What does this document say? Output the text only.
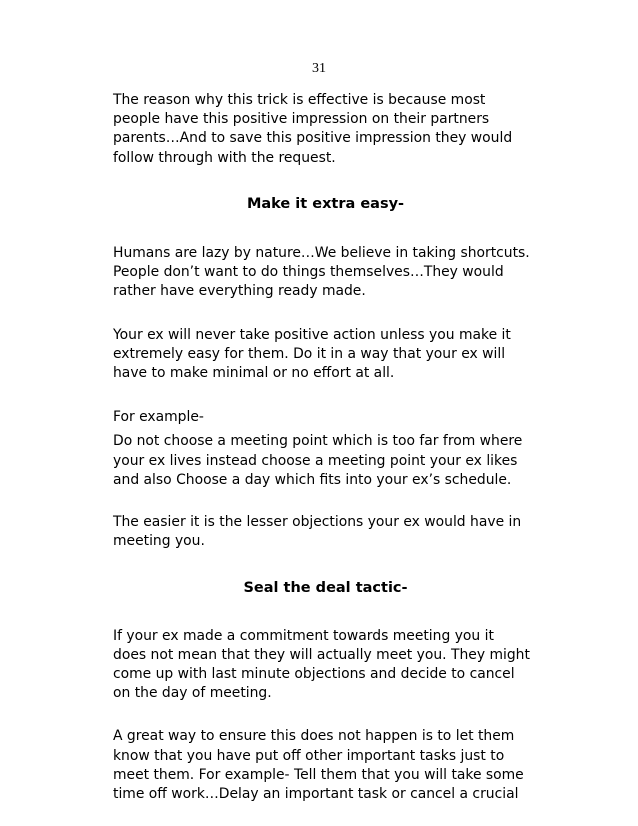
31

The reason why this trick is effective is because most
people have this positive impression on their partners
parents…And to save this positive impression they would
follow through with the request.

Make it extra easy-

Humans are lazy by nature…We believe in taking shortcuts.
People don’t want to do things themselves…They would
rather have everything ready made.

Your ex will never take positive action unless you make it
extremely easy for them. Do it in a way that your ex will
have to make minimal or no effort at all.

For example-

Do not choose a meeting point which is too far from where
your ex lives instead choose a meeting point your ex likes
and also Choose a day which fits into your ex’s schedule.

The easier it is the lesser objections your ex would have in
meeting you.

Seal the deal tactic-

If your ex made a commitment towards meeting you it
does not mean that they will actually meet you. They might
come up with last minute objections and decide to cancel
on the day of meeting.

A great way to ensure this does not happen is to let them
know that you have put off other important tasks just to
meet them. For example- Tell them that you will take some
time off work…Delay an important task or cancel a crucial
